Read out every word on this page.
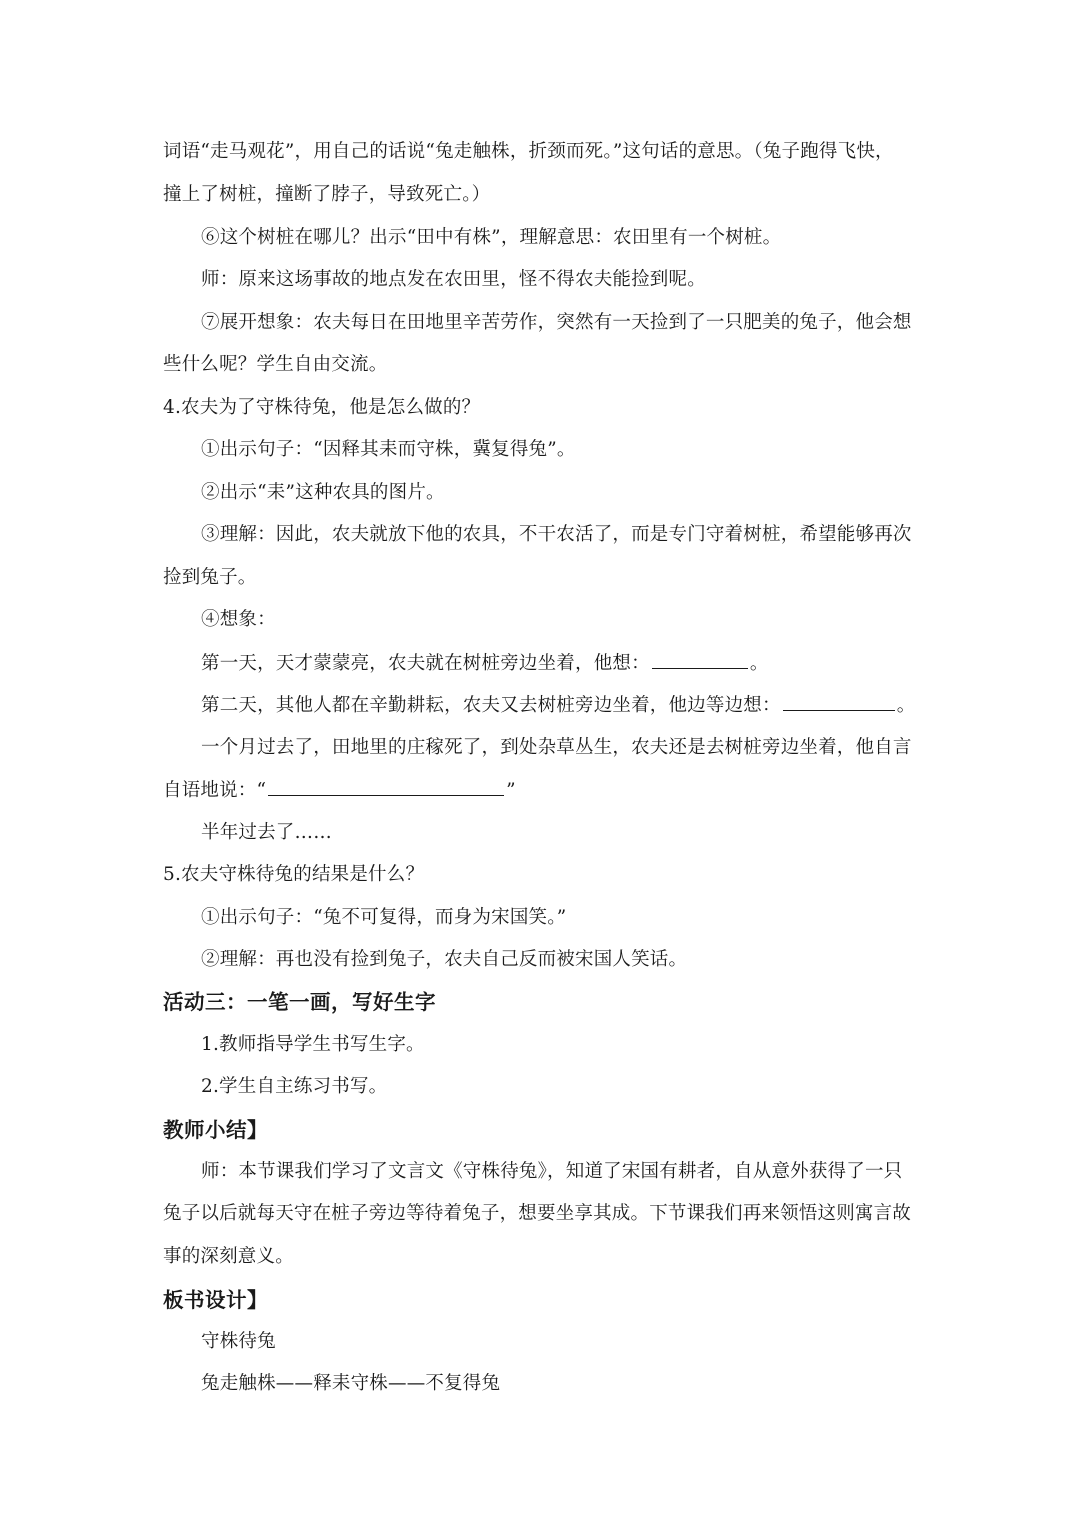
词语“走马观花”，用自己的话说“兔走触株，折颈而死。”这句话的意思。（兔子跑得飞快，
撞上了树桩，撞断了脖子，导致死亡。）
⑥这个树桩在哪儿？出示“田中有株”，理解意思：农田里有一个树桩。
师：原来这场事故的地点发在农田里，怪不得农夫能捡到呢。
⑦展开想象：农夫每日在田地里辛苦劳作，突然有一天捡到了一只肥美的兔子，他会想
些什么呢？学生自由交流。
4.农夫为了守株待兔，他是怎么做的？
①出示句子：“因释其耒而守株，冀复得兔”。
②出示“耒”这种农具的图片。
③理解：因此，农夫就放下他的农具，不干农活了，而是专门守着树桩，希望能够再次
捡到兔子。
④想象：
第一天，天才蒙蒙亮，农夫就在树桩旁边坐着，他想：	。
第二天，其他人都在辛勤耕耘，农夫又去树桩旁边坐着，他边等边想：	。
一个月过去了，田地里的庄稼死了，到处杂草丛生，农夫还是去树桩旁边坐着，他自言
自语地说：“	”
半年过去了……
5.农夫守株待兔的结果是什么？
①出示句子：“兔不可复得，而身为宋国笑。”
②理解：再也没有捡到兔子，农夫自己反而被宋国人笑话。
活动三：一笔一画，写好生字
1.教师指导学生书写生字。
2.学生自主练习书写。
教师小结】
师：本节课我们学习了文言文《守株待兔》，知道了宋国有耕者，自从意外获得了一只
兔子以后就每天守在桩子旁边等待着兔子，想要坐享其成。下节课我们再来领悟这则寓言故
事的深刻意义。
板书设计】
守株待兔
兔走触株——释耒守株——不复得兔
